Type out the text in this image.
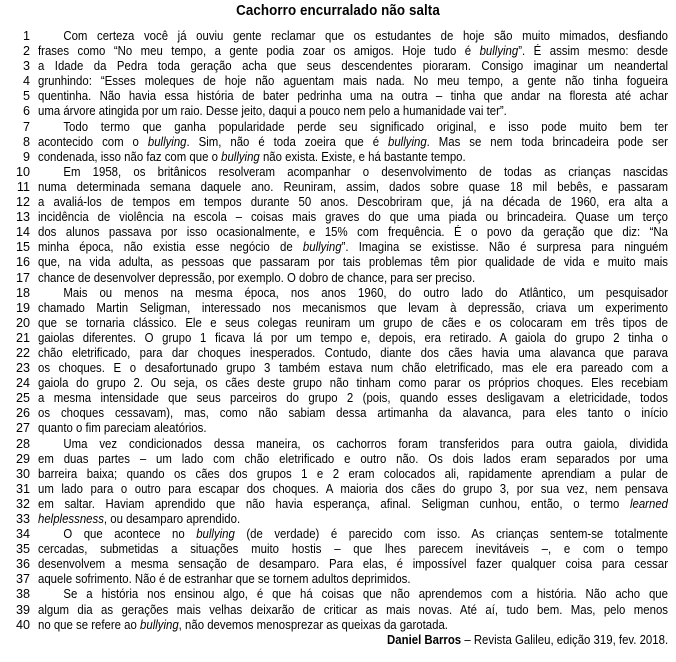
Cachorro encurralado não salta
1	Com certeza você já ouviu gente reclamar que os estudantes de hoje são muito mimados, desfiando
2 frases como “No meu tempo, a gente podia zoar os amigos. Hoje tudo é bullying”. É assim mesmo: desde
3 a Idade da Pedra toda geração acha que seus descendentes pioraram. Consigo imaginar um neandertal
4 grunhindo: “Esses moleques de hoje não aguentam mais nada. No meu tempo, a gente não tinha fogueira
5 quentinha. Não havia essa história de bater pedrinha uma na outra – tinha que andar na floresta até achar
6 uma árvore atingida por um raio. Desse jeito, daqui a pouco nem pelo a humanidade vai ter”.
7	Todo termo que ganha popularidade perde seu significado original, e isso pode muito bem ter
8 acontecido com o bullying. Sim, não é toda zoeira que é bullying. Mas se nem toda brincadeira pode ser
9 condenada, isso não faz com que o bullying não exista. Existe, e há bastante tempo.
10	Em 1958, os britânicos resolveram acompanhar o desenvolvimento de todas as crianças nascidas
11 numa determinada semana daquele ano. Reuniram, assim, dados sobre quase 18 mil bebês, e passaram
12 a avaliá-los de tempos em tempos durante 50 anos. Descobriram que, já na década de 1960, era alta a
13 incidência de violência na escola – coisas mais graves do que uma piada ou brincadeira. Quase um terço
14 dos alunos passava por isso ocasionalmente, e 15% com frequência. É o povo da geração que diz: “Na
15 minha época, não existia esse negócio de bullying”. Imagina se existisse. Não é surpresa para ninguém
16 que, na vida adulta, as pessoas que passaram por tais problemas têm pior qualidade de vida e muito mais
17 chance de desenvolver depressão, por exemplo. O dobro de chance, para ser preciso.
18	Mais ou menos na mesma época, nos anos 1960, do outro lado do Atlântico, um pesquisador
19 chamado Martin Seligman, interessado nos mecanismos que levam à depressão, criava um experimento
20 que se tornaria clássico. Ele e seus colegas reuniram um grupo de cães e os colocaram em três tipos de
21 gaiolas diferentes. O grupo 1 ficava lá por um tempo e, depois, era retirado. A gaiola do grupo 2 tinha o
22 chão eletrificado, para dar choques inesperados. Contudo, diante dos cães havia uma alavanca que parava
23 os choques. E o desafortunado grupo 3 também estava num chão eletrificado, mas ele era pareado com a
24 gaiola do grupo 2. Ou seja, os cães deste grupo não tinham como parar os próprios choques. Eles recebiam
25 a mesma intensidade que seus parceiros do grupo 2 (pois, quando esses desligavam a eletricidade, todos
26 os choques cessavam), mas, como não sabiam dessa artimanha da alavanca, para eles tanto o início
27 quanto o fim pareciam aleatórios.
28	Uma vez condicionados dessa maneira, os cachorros foram transferidos para outra gaiola, dividida
29 em duas partes – um lado com chão eletrificado e outro não. Os dois lados eram separados por uma
30 barreira baixa; quando os cães dos grupos 1 e 2 eram colocados ali, rapidamente aprendiam a pular de
31 um lado para o outro para escapar dos choques. A maioria dos cães do grupo 3, por sua vez, nem pensava
32 em saltar. Haviam aprendido que não havia esperança, afinal. Seligman cunhou, então, o termo learned
33 helplessness, ou desamparo aprendido.
34	O que acontece no bullying (de verdade) é parecido com isso. As crianças sentem-se totalmente
35 cercadas, submetidas a situações muito hostis – que lhes parecem inevitáveis –, e com o tempo
36 desenvolvem a mesma sensação de desamparo. Para elas, é impossível fazer qualquer coisa para cessar
37 aquele sofrimento. Não é de estranhar que se tornem adultos deprimidos.
38	Se a história nos ensinou algo, é que há coisas que não aprendemos com a história. Não acho que
39 algum dia as gerações mais velhas deixarão de criticar as mais novas. Até aí, tudo bem. Mas, pelo menos
40 no que se refere ao bullying, não devemos menosprezar as queixas da garotada.
Daniel Barros – Revista Galileu, edição 319, fev. 2018.
